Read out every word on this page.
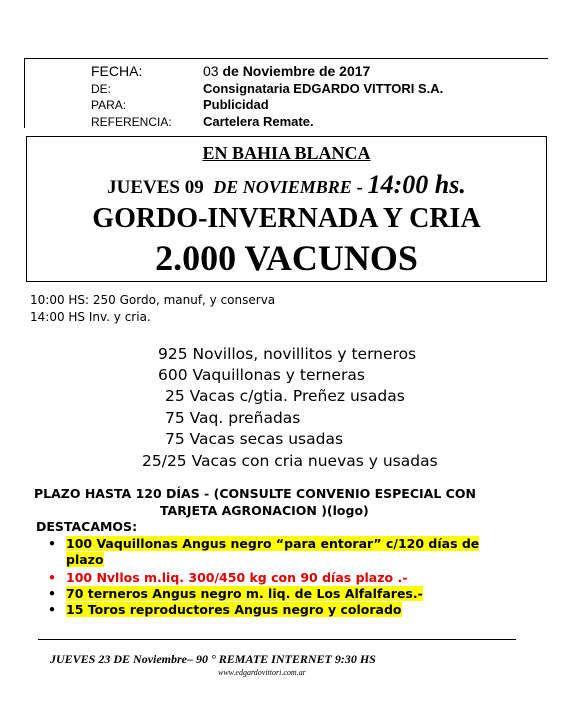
FECHA:	03 de Noviembre de 2017
DE:	Consignataria EDGARDO VITTORI S.A.
PARA:	Publicidad
REFERENCIA:	Cartelera Remate.
EN BAHIA BLANCA
JUEVES 09 DE NOVIEMBRE - 14:00 hs.
GORDO-INVERNADA Y CRIA
2.000 VACUNOS
10:00 HS: 250 Gordo, manuf, y conserva
14:00 HS Inv. y cria.
925 Novillos, novillitos y terneros
600 Vaquillonas y terneras
25 Vacas c/gtia. Preñez usadas
75 Vaq. preñadas
75 Vacas secas usadas
25/25 Vacas con cria nuevas y usadas
PLAZO HASTA 120 DÍAS - (CONSULTE CONVENIO ESPECIAL CON
TARJETA AGRONACION )(logo)
DESTACAMOS:
• 100 Vaquillonas Angus negro “para entorar” c/120 días de
plazo
• 100 Nvllos m.liq. 300/450 kg con 90 días plazo .-
• 70 terneros Angus negro m. liq. de Los Alfalfares.-
• 15 Toros reproductores Angus negro y colorado
JUEVES 23 DE Noviembre– 90 ° REMATE INTERNET 9:30 HS
www.edgardovittori.com.ar
